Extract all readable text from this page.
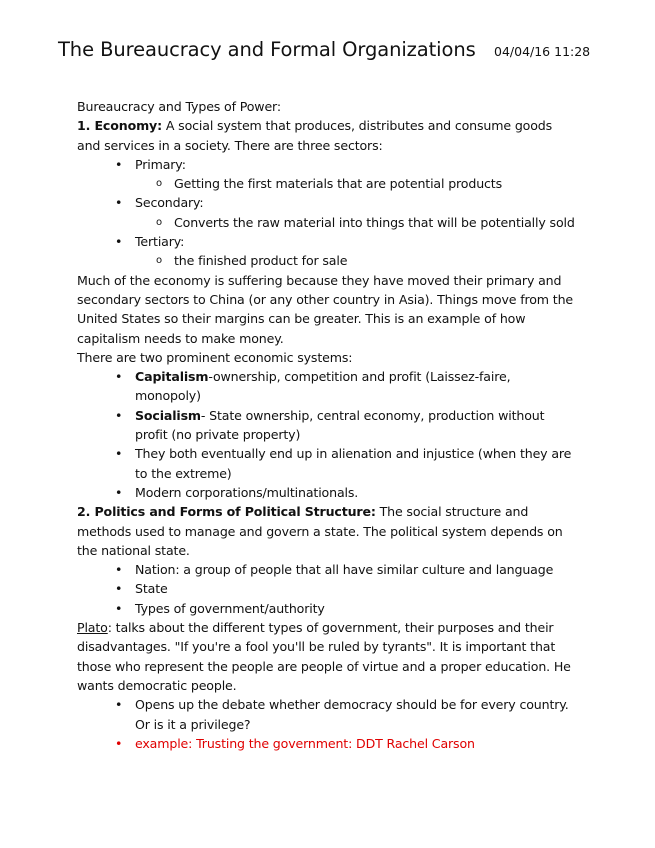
The Bureaucracy and Formal Organizations 04/04/16 11:28

Bureaucracy and Types of Power:

1. Economy: A social system that produces, distributes and consume goods and services in a society. There are three sectors:

• Primary:
o Getting the first materials that are potential products
• Secondary:
o Converts the raw material into things that will be potentially sold
• Tertiary:
o the finished product for sale

Much of the economy is suffering because they have moved their primary and secondary sectors to China (or any other country in Asia). Things move from the United States so their margins can be greater. This is an example of how capitalism needs to make money.

There are two prominent economic systems:

• Capitalism-ownership, competition and profit (Laissez-faire, monopoly)
• Socialism- State ownership, central economy, production without profit (no private property)
• They both eventually end up in alienation and injustice (when they are to the extreme)
• Modern corporations/multinationals.

2. Politics and Forms of Political Structure: The social structure and methods used to manage and govern a state. The political system depends on the national state.

• Nation: a group of people that all have similar culture and language
• State
• Types of government/authority

Plato: talks about the different types of government, their purposes and their disadvantages. "If you're a fool you'll be ruled by tyrants". It is important that those who represent the people are people of virtue and a proper education. He wants democratic people.

• Opens up the debate whether democracy should be for every country. Or is it a privilege?
• example: Trusting the government: DDT Rachel Carson
